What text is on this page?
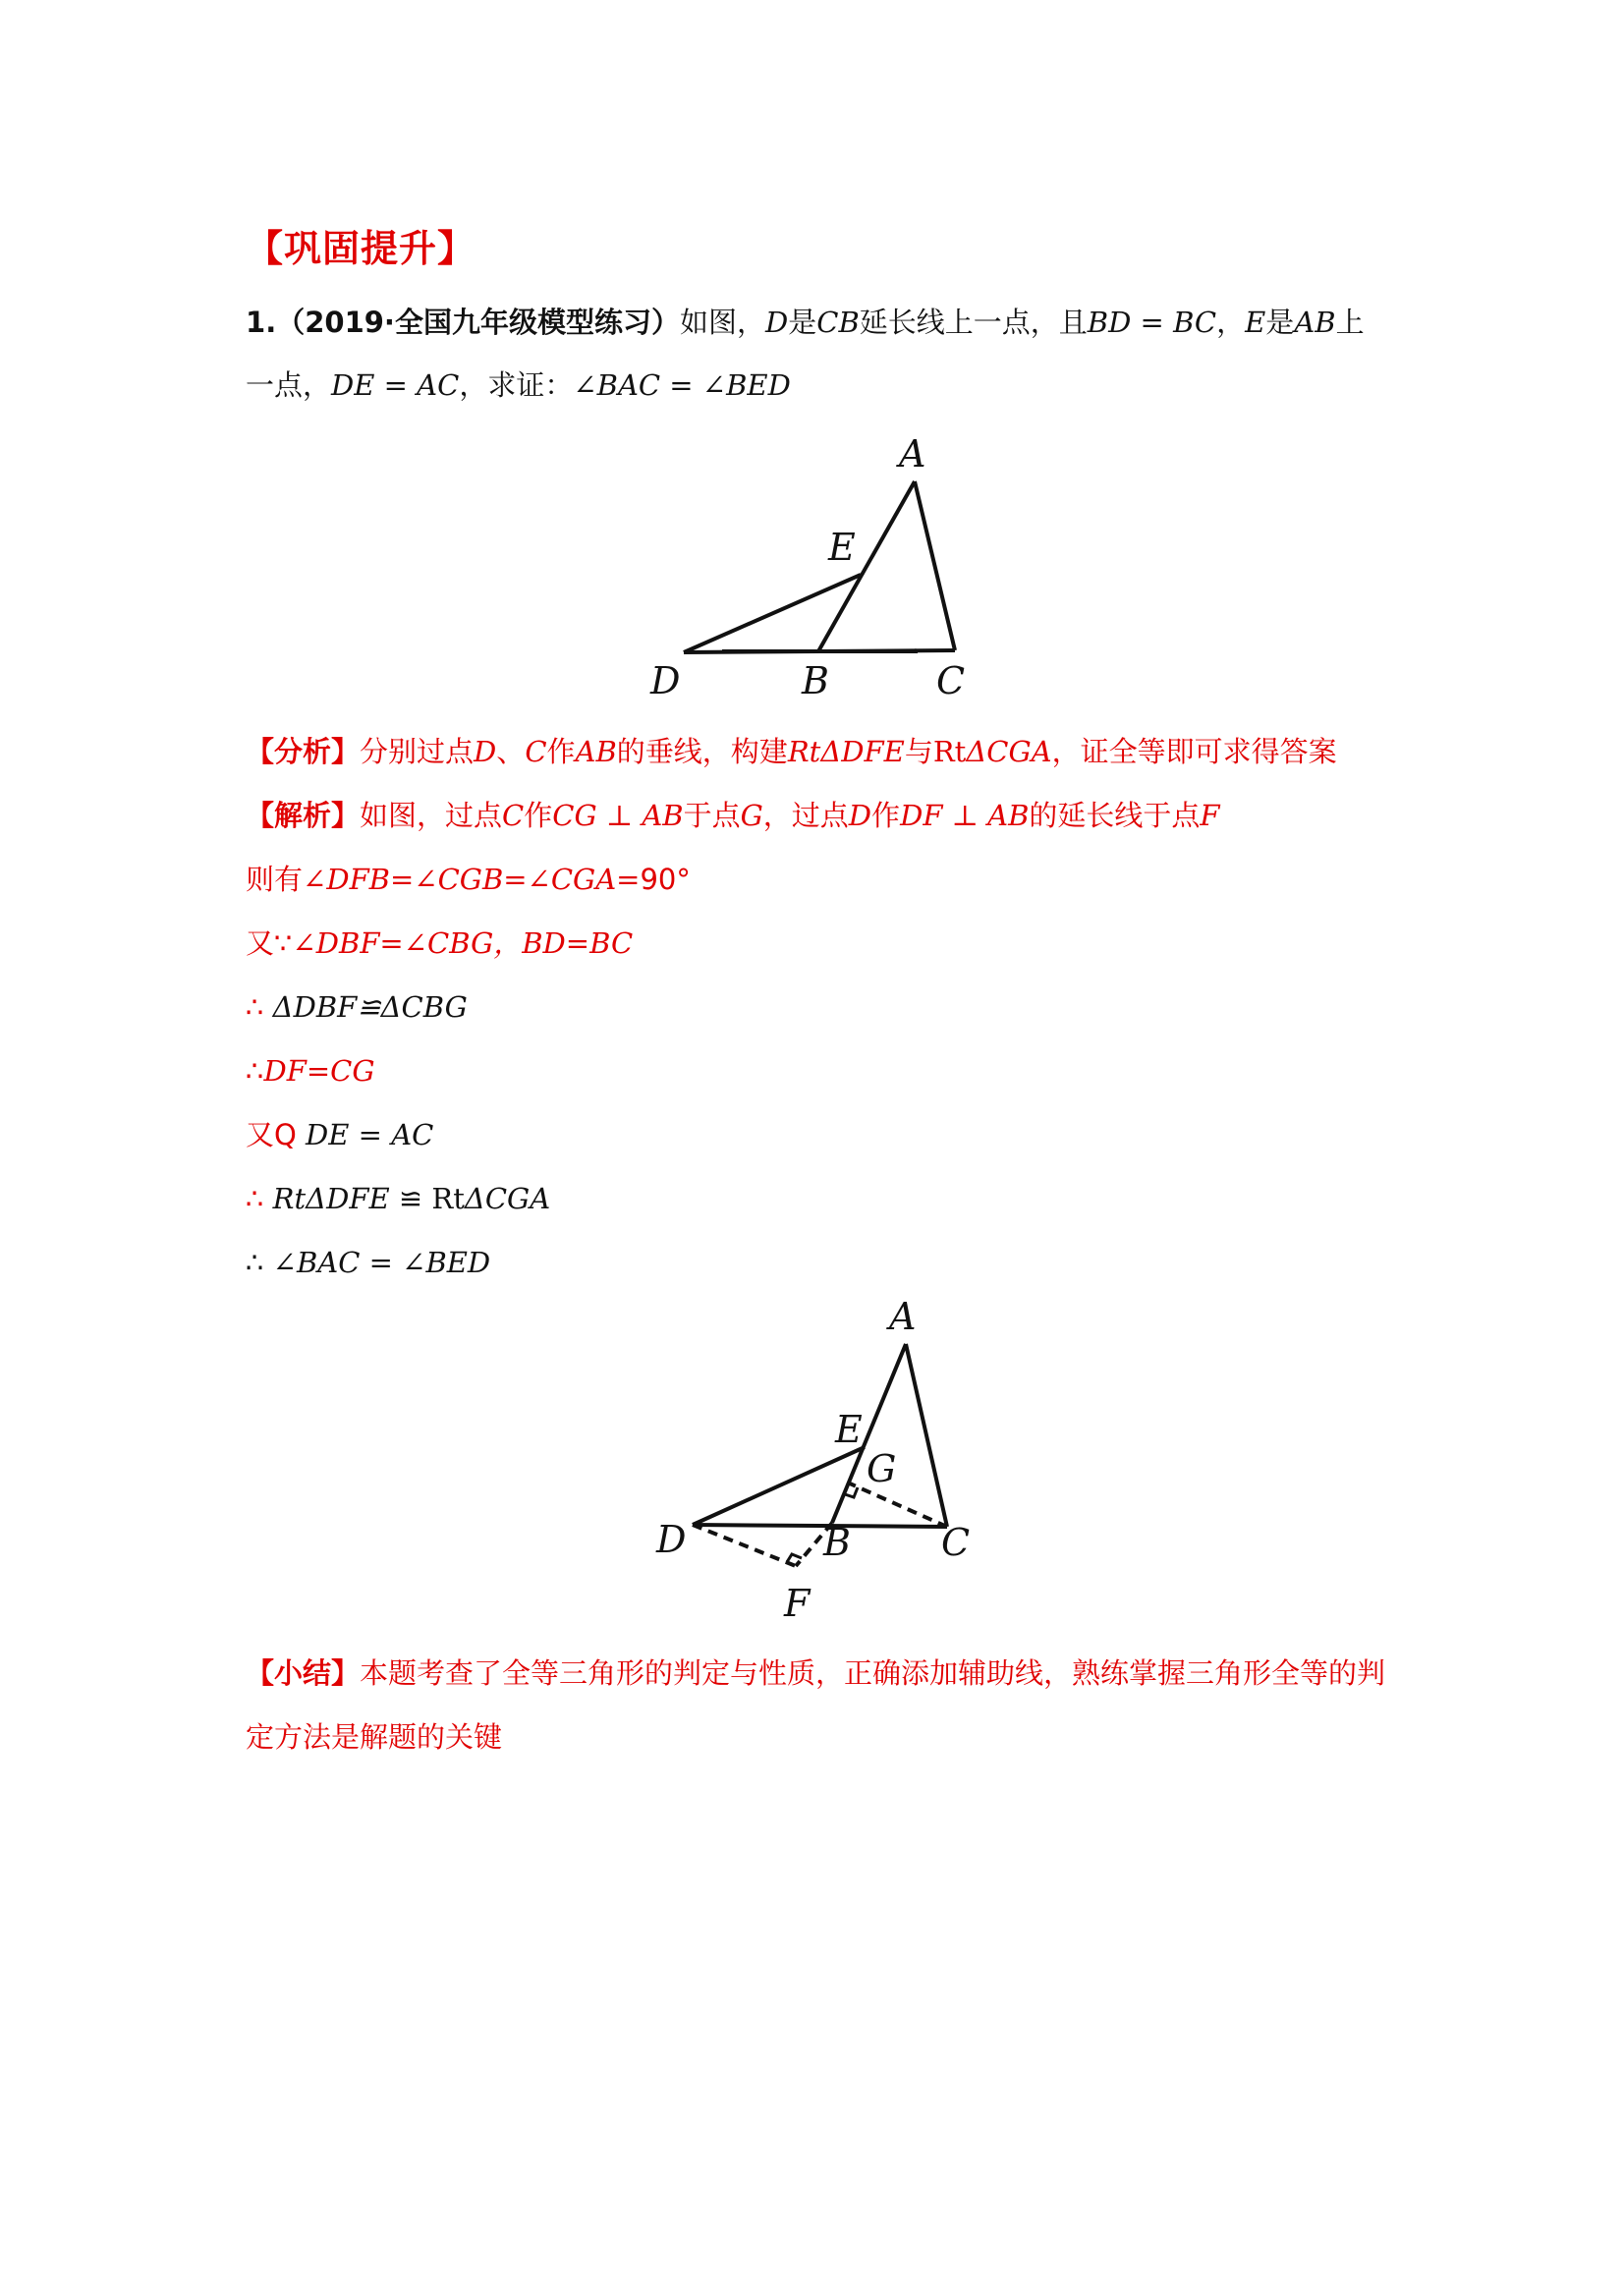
【巩固提升】
1.（2019·全国九年级模型练习）如图，D是CB延长线上一点，且BD = BC，E是AB上
一点，DE = AC，求证：∠BAC = ∠BED
A
E
D	B	C
【分析】分别过点D、C作AB的垂线，构建RtΔDFE与RtΔCGA，证全等即可求得答案
【解析】如图，过点C作CG ⊥ AB于点G，过点D作DF ⊥ AB的延长线于点F
则有∠DFB=∠CGB=∠CGA=90°
又∵∠DBF=∠CBG，BD=BC
∴ ΔDBF≌ΔCBG
∴DF=CG
又Q DE = AC
∴ RtΔDFE ≌ RtΔCGA
∴ ∠BAC = ∠BED
A
E
G
D	B C
F
【小结】本题考查了全等三角形的判定与性质，正确添加辅助线，熟练掌握三角形全等的判
定方法是解题的关键
